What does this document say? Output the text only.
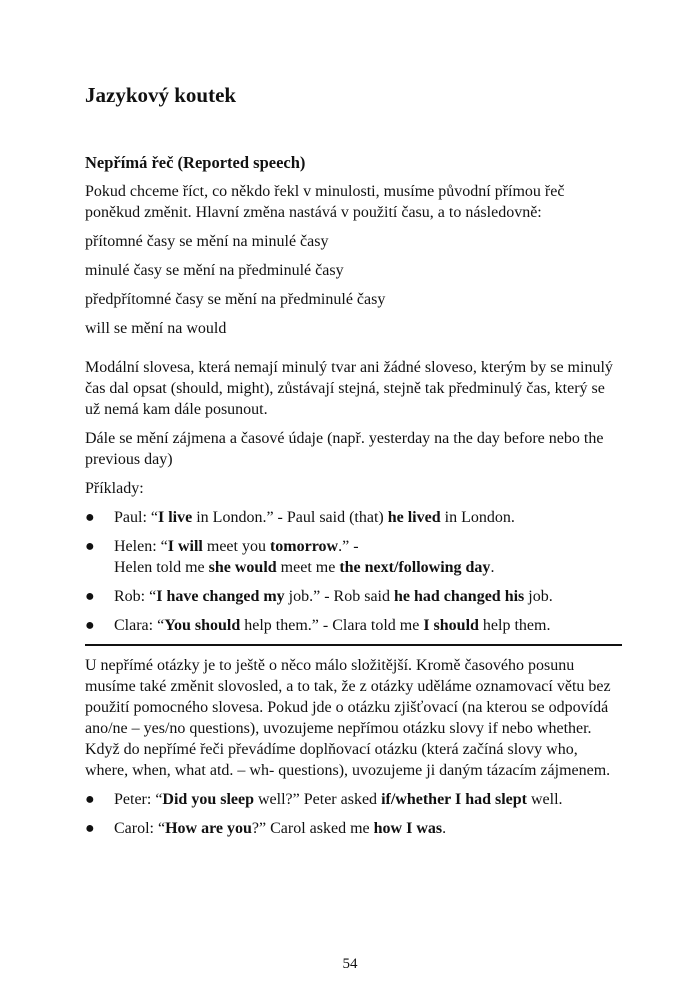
Jazykový koutek
Nepřímá řeč (Reported speech)

Pokud chceme říct, co někdo řekl v minulosti, musíme původní přímou řeč poněkud změnit. Hlavní změna nastává v použití času, a to následovně:

přítomné časy se mění na minulé časy

minulé časy se mění na předminulé časy

předpřítomné časy se mění na předminulé časy

will se mění na would

Modální slovesa, která nemají minulý tvar ani žádné sloveso, kterým by se minulý čas dal opsat (should, might), zůstávají stejná, stejně tak předminulý čas, který se už nemá kam dále posunout.

Dále se mění zájmena a časové údaje (např. yesterday na the day before nebo the previous day)

Příklady:

● Paul: “I live in London.” - Paul said (that) he lived in London.
● Helen: “I will meet you tomorrow.” -
Helen told me she would meet me the next/following day.
● Rob: “I have changed my job.” - Rob said he had changed his job.
● Clara: “You should help them.” - Clara told me I should help them.

U nepřímé otázky je to ještě o něco málo složitější. Kromě časového posunu musíme také změnit slovosled, a to tak, že z otázky uděláme oznamovací větu bez použití pomocného slovesa. Pokud jde o otázku zjišťovací (na kterou se odpovídá ano/ne – yes/no questions), uvozujeme nepřímou otázku slovy if nebo whether. Když do nepřímé řeči převádíme doplňovací otázku (která začíná slovy who, where, when, what atd. – wh- questions), uvozujeme ji daným tázacím zájmenem.

● Peter: “Did you sleep well?” Peter asked if/whether I had slept well.
● Carol: “How are you?” Carol asked me how I was.
54
